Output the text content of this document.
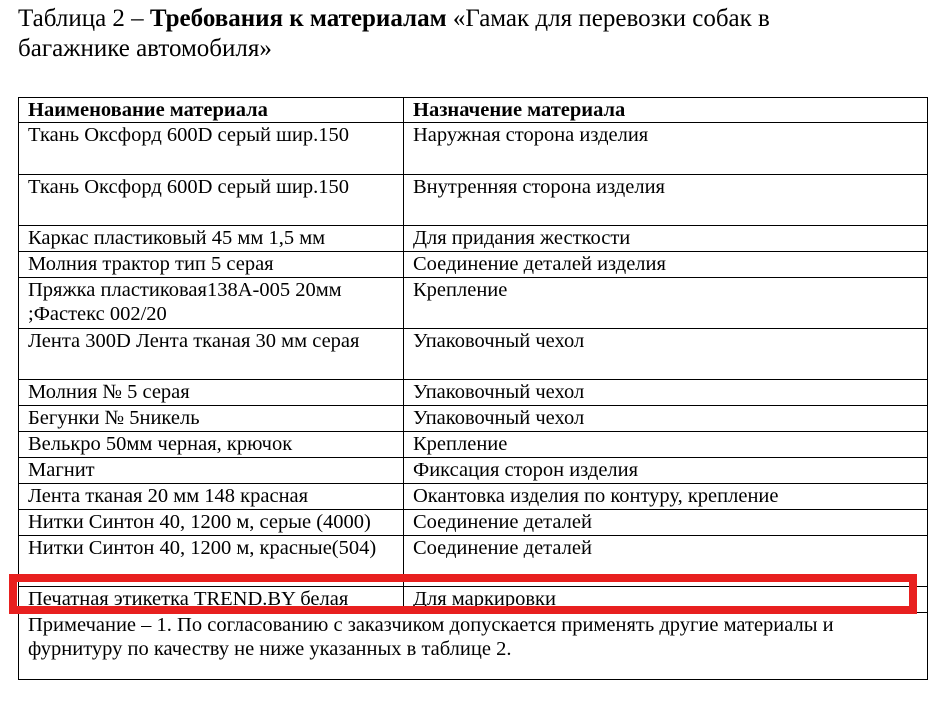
Таблица 2 – Требования к материалам «Гамак для перевозки собак в багажнике автомобиля»
Наименование материала	Назначение материала
Ткань Оксфорд 600D серый шир.150	Наружная сторона изделия
Ткань Оксфорд 600D серый шир.150	Внутренняя сторона изделия
Каркас пластиковый 45 мм 1,5 мм	Для придания жесткости
Молния трактор тип 5 серая	Соединение деталей изделия
Пряжка пластиковая138А-005 20мм ;Фастекс 002/20	Крепление
Лента 300D Лента тканая 30 мм серая	Упаковочный чехол
Молния № 5 серая	Упаковочный чехол
Бегунки № 5никель	Упаковочный чехол
Велькро 50мм черная, крючок	Крепление
Магнит	Фиксация сторон изделия
Лента тканая 20 мм 148 красная	Окантовка изделия по контуру, крепление
Нитки Синтон 40, 1200 м, серые (4000)	Соединение деталей

Нитки Синтон 40, 1200 м, красные(504)	Соединение деталей
Печатная этикетка TREND.BY белая	Для маркировки

Примечание – 1. По согласованию с заказчиком допускается применять другие материалы и фурнитуру по качеству не ниже указанных в таблице 2.	
